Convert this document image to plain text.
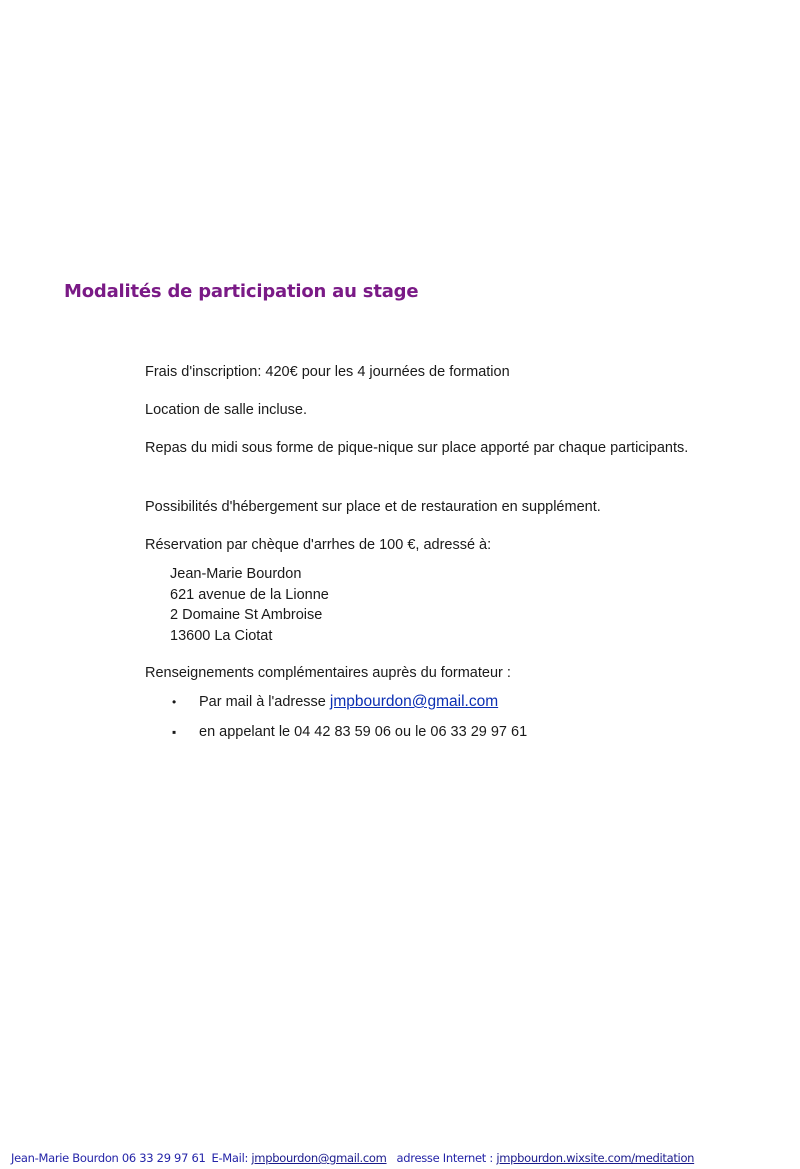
Modalités de participation au stage
Frais d'inscription: 420€ pour les 4 journées de formation
Location de salle incluse.
Repas du midi sous forme de pique-nique sur place apporté par chaque participants.
Possibilités d'hébergement sur place et de restauration en supplément.
Réservation par chèque d'arrhes de 100 €, adressé à:
Jean-Marie Bourdon
621 avenue de la Lionne
2 Domaine St Ambroise
13600 La Ciotat
Renseignements complémentaires auprès du formateur :
• Par mail à l'adresse jmpbourdon@gmail.com
▪ en appelant le 04 42 83 59 06 ou le 06 33 29 97 61
Jean-Marie Bourdon 06 33 29 97 61 E-Mail: jmpbourdon@gmail.com adresse Internet : jmpbourdon.wixsite.com/meditation
